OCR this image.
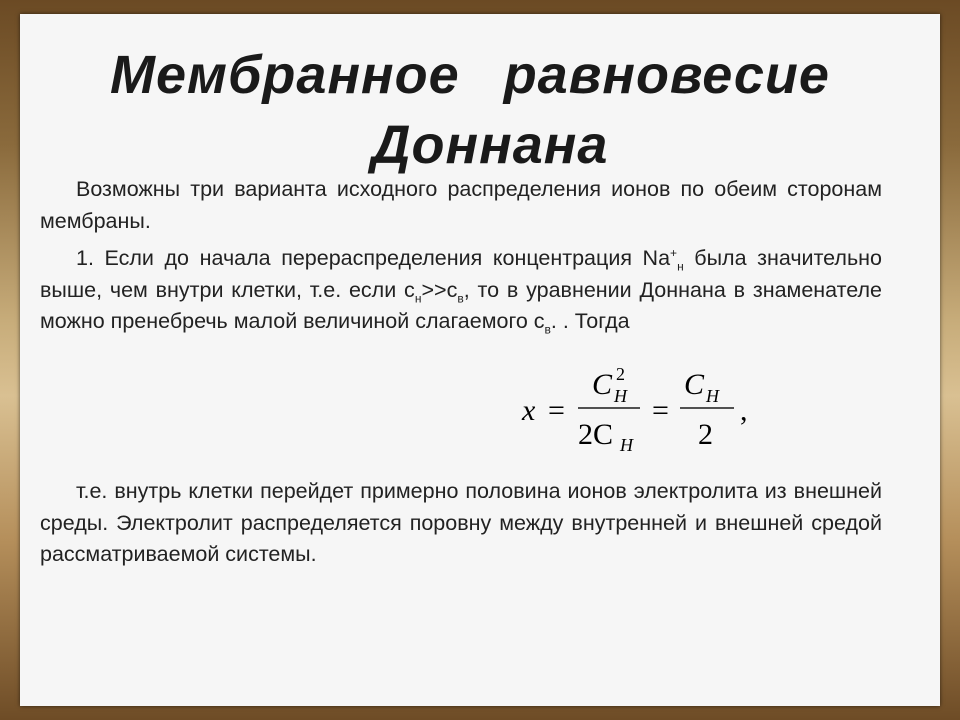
Мембранное равновесие
Доннана

Возможны три варианта исходного распределения ионов по обеим сторонам мембраны.

1. Если до начала перераспределения концентрация $Na^+_н$ была значительно выше, чем внутри клетки, т.е. если $с_н>>с_в$, то в уравнении Доннана в знаменателе можно пренебречь малой величиной слагаемого $с_в$. . Тогда

x =
C H
2
2C H
=
C H
2
,

т.е. внутрь клетки перейдет примерно половина ионов электролита из внешней среды. Электролит распределяется поровну между внутренней и внешней средой рассматриваемой системы.
